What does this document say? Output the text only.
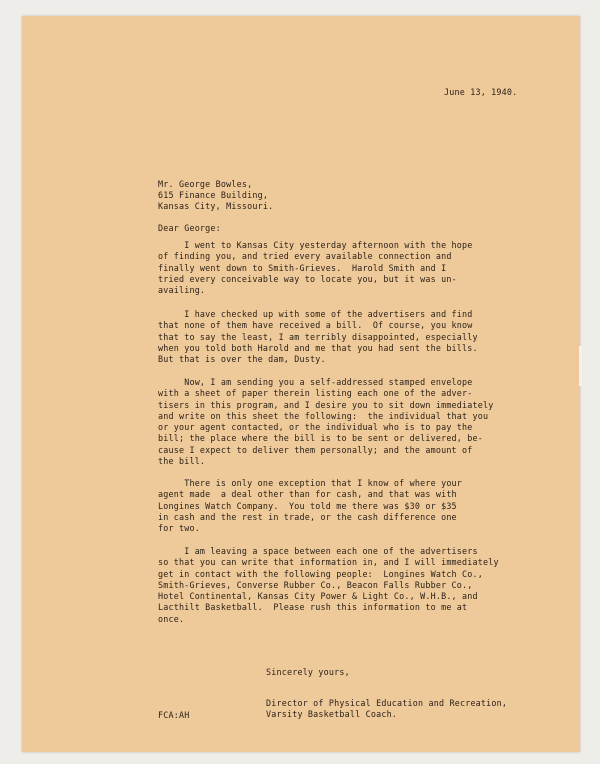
June 13, 1940.
Mr. George Bowles,
615 Finance Building,
Kansas City, Missouri.
Dear George:
I went to Kansas City yesterday afternoon with the hope
of finding you, and tried every available connection and
finally went down to Smith-Grieves.  Harold Smith and I
tried every conceivable way to locate you, but it was un-
availing.
I have checked up with some of the advertisers and find
that none of them have received a bill.  Of course, you know
that to say the least, I am terribly disappointed, especially
when you told both Harold and me that you had sent the bills.
But that is over the dam, Dusty.
Now, I am sending you a self-addressed stamped envelope
with a sheet of paper therein listing each one of the adver-
tisers in this program, and I desire you to sit down immediately
and write on this sheet the following:  the individual that you
or your agent contacted, or the individual who is to pay the
bill; the place where the bill is to be sent or delivered, be-
cause I expect to deliver them personally; and the amount of
the bill.
There is only one exception that I know of where your
agent made  a deal other than for cash, and that was with
Longines Watch Company.  You told me there was $30 or $35
in cash and the rest in trade, or the cash difference one
for two.
I am leaving a space between each one of the advertisers
so that you can write that information in, and I will immediately
get in contact with the following people:  Longines Watch Co.,
Smith-Grieves, Converse Rubber Co., Beacon Falls Rubber Co.,
Hotel Continental, Kansas City Power & Light Co., W.H.B., and
Lacthilt Basketball.  Please rush this information to me at
once.
Sincerely yours,
Director of Physical Education and Recreation,
Varsity Basketball Coach.
FCA:AH
